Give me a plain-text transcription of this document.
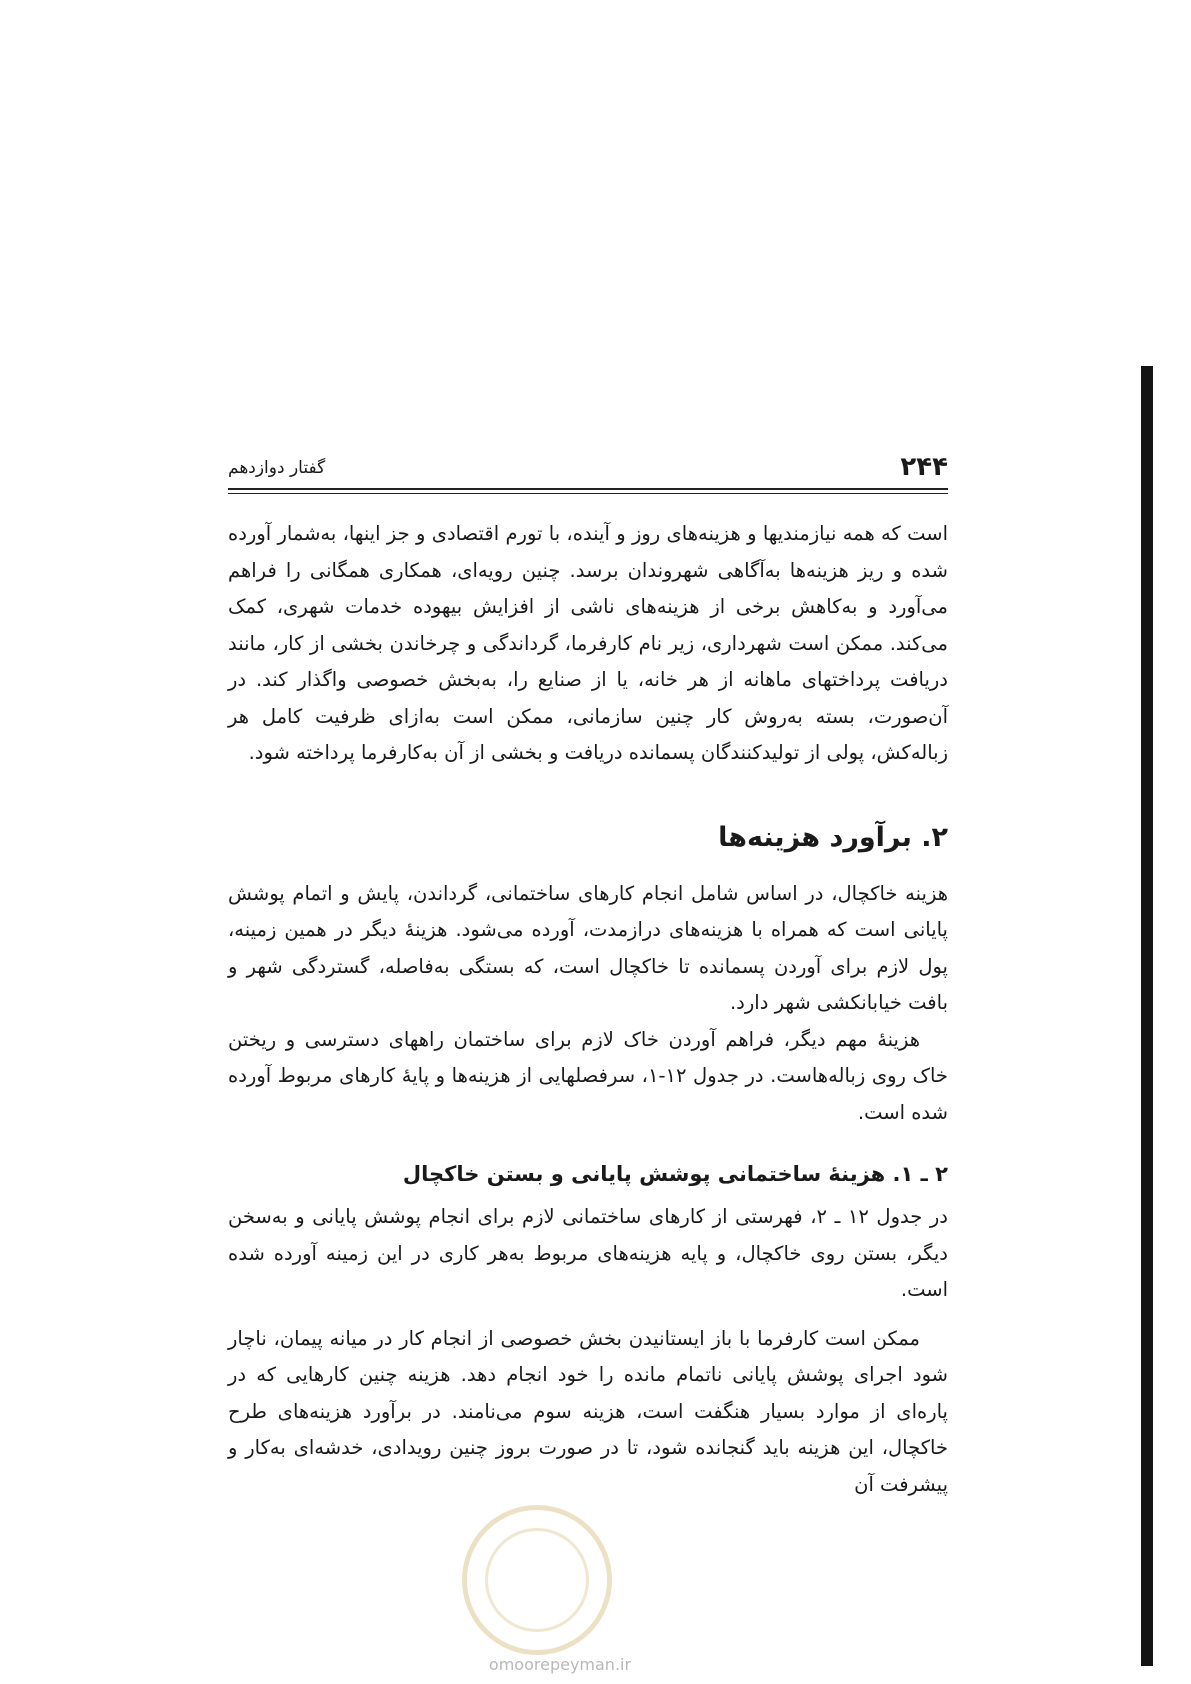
۲۴۴
گفتار دوازدهم

است که همه نیازمندیها و هزینه‌های روز و آینده، با تورم اقتصادی و جز اینها، به‌شمار آورده شده و ریز هزینه‌ها به‌آگاهی شهروندان برسد. چنین رویه‌ای، همکاری همگانی را فراهم می‌آورد و به‌کاهش برخی از هزینه‌های ناشی از افزایش بیهوده خدمات شهری، کمک می‌کند. ممکن است شهرداری، زیر نام کارفرما، گرداندگی و چرخاندن بخشی از کار، مانند دریافت پرداختهای ماهانه از هر خانه، یا از صنایع را، به‌بخش خصوصی واگذار کند. در آن‌صورت، بسته به‌روش کار چنین سازمانی، ممکن است به‌ازای ظرفیت کامل هر زباله‌کش، پولی از تولیدکنندگان پسمانده دریافت و بخشی از آن به‌کارفرما پرداخته شود.

۲. برآورد هزینه‌ها

هزینه خاکچال، در اساس شامل انجام کارهای ساختمانی، گرداندن، پایش و اتمام پوشش پایانی است که همراه با هزینه‌های درازمدت، آورده می‌شود. هزینهٔ دیگر در همین زمینه، پول لازم برای آوردن پسمانده تا خاکچال است، که بستگی به‌فاصله، گستردگی شهر و بافت خیابانکشی شهر دارد.

هزینهٔ مهم دیگر، فراهم آوردن خاک لازم برای ساختمان راههای دسترسی و ریختن خاک روی زباله‌هاست. در جدول ۱۲-۱، سرفصلهایی از هزینه‌ها و پایهٔ کارهای مربوط آورده شده است.

۲ ـ ۱. هزینهٔ ساختمانی پوشش پایانی و بستن خاکچال

در جدول ۱۲ ـ ۲، فهرستی از کارهای ساختمانی لازم برای انجام پوشش پایانی و به‌سخن دیگر، بستن روی خاکچال، و پایه هزینه‌های مربوط به‌هر کاری در این زمینه آورده شده است.

ممکن است کارفرما با باز ایستانیدن بخش خصوصی از انجام کار در میانه پیمان، ناچار شود اجرای پوشش پایانی ناتمام مانده را خود انجام دهد. هزینه چنین کارهایی که در پاره‌ای از موارد بسیار هنگفت است، هزینه سوم می‌نامند. در برآورد هزینه‌های طرح خاکچال، این هزینه باید گنجانده شود، تا در صورت بروز چنین رویدادی، خدشه‌ای به‌کار و پیشرفت آن

omoorepeyman.ir
